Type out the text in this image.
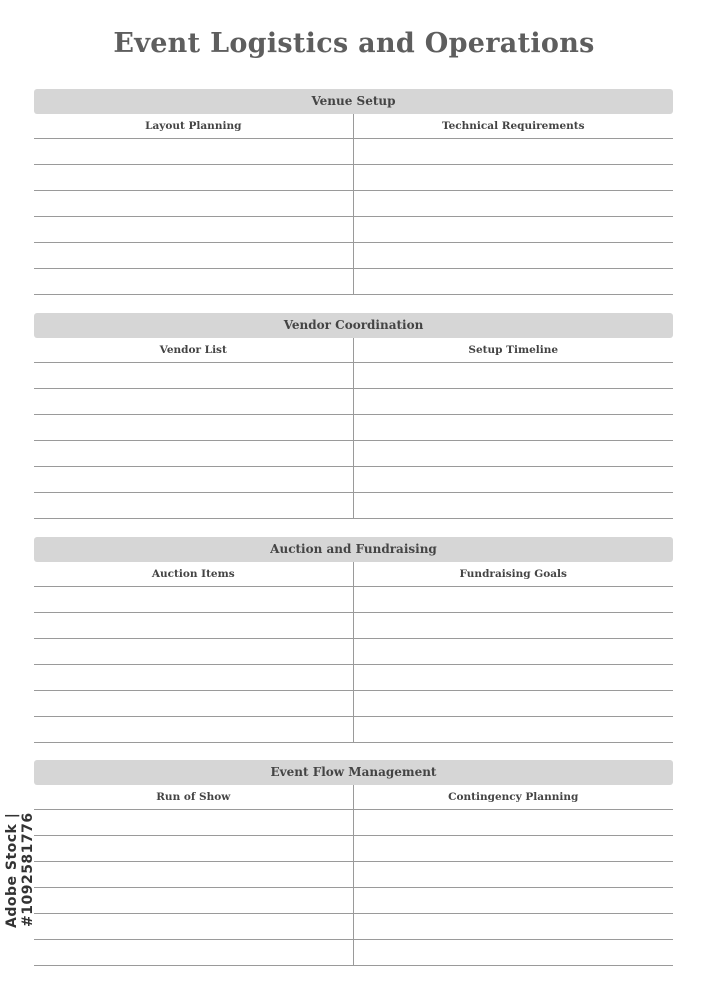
Event Logistics and Operations
Venue Setup
Layout Planning	Technical Requirements
Vendor Coordination
Vendor List	Setup Timeline
Auction and Fundraising
Auction Items	Fundraising Goals
Event Flow Management
Run of Show	Contingency Planning
Adobe Stock | #1092581776
